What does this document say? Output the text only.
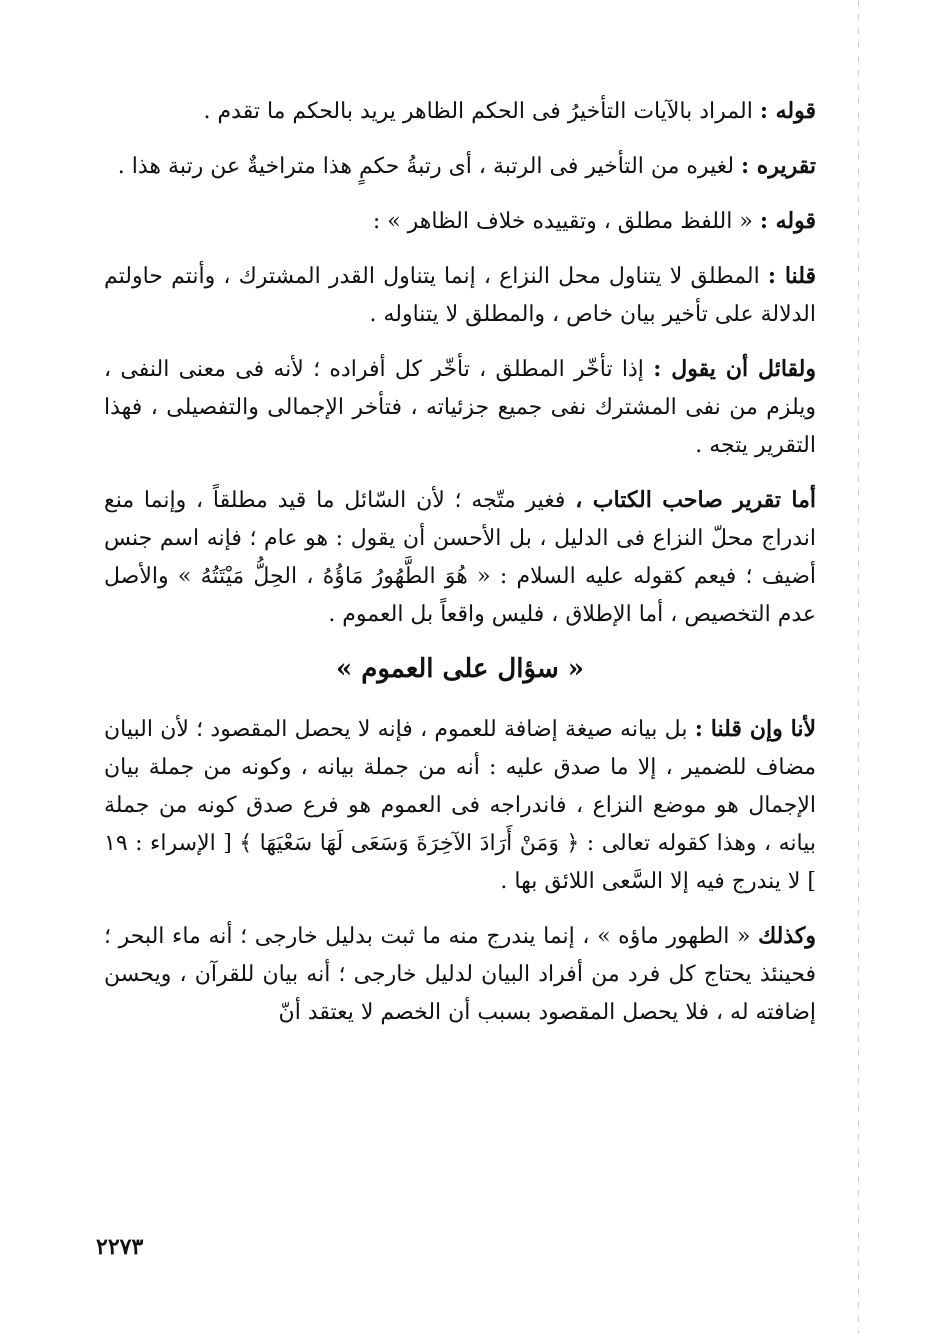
قوله : المراد بالآيات التأخيرُ فى الحكم الظاهر يريد بالحكم ما تقدم .

تقريره : لغيره من التأخير فى الرتبة ، أى رتبةُ حكمٍ هذا متراخيةٌ عن رتبة هذا .

قوله : « اللفظ مطلق ، وتقييده خلاف الظاهر » :

قلنا : المطلق لا يتناول محل النزاع ، إنما يتناول القدر المشترك ، وأنتم حاولتم الدلالة على تأخير بيان خاص ، والمطلق لا يتناوله .

ولقائل أن يقول : إذا تأخّر المطلق ، تأخّر كل أفراده ؛ لأنه فى معنى النفى ، ويلزم من نفى المشترك نفى جميع جزئياته ، فتأخر الإجمالى والتفصيلى ، فهذا التقرير يتجه .

أما تقرير صاحب الكتاب ، فغير متّجه ؛ لأن السّائل ما قيد مطلقاً ، وإنما منع اندراج محلّ النزاع فى الدليل ، بل الأحسن أن يقول : هو عام ؛ فإنه اسم جنس أضيف ؛ فيعم كقوله عليه السلام : « هُوَ الطَّهُورُ مَاؤُهُ ، الحِلُّ مَيْتَتُهُ » والأصل عدم التخصيص ، أما الإطلاق ، فليس واقعاً بل العموم .

« سؤال على العموم »

لأنا وإن قلنا : بل بيانه صيغة إضافة للعموم ، فإنه لا يحصل المقصود ؛ لأن البيان مضاف للضمير ، إلا ما صدق عليه : أنه من جملة بيانه ، وكونه من جملة بيان الإجمال هو موضع النزاع ، فاندراجه فى العموم هو فرع صدق كونه من جملة بيانه ، وهذا كقوله تعالى : ﴿ وَمَنْ أَرَادَ الآخِرَةَ وَسَعَى لَهَا سَعْيَهَا ﴾ [ الإسراء : ١٩ ] لا يندرج فيه إلا السَّعى اللائق بها .

وكذلك « الطهور ماؤه » ، إنما يندرج منه ما ثبت بدليل خارجى ؛ أنه ماء البحر ؛ فحينئذ يحتاج كل فرد من أفراد البيان لدليل خارجى ؛ أنه بيان للقرآن ، ويحسن إضافته له ، فلا يحصل المقصود بسبب أن الخصم لا يعتقد أنّ

٢٢٧٣
